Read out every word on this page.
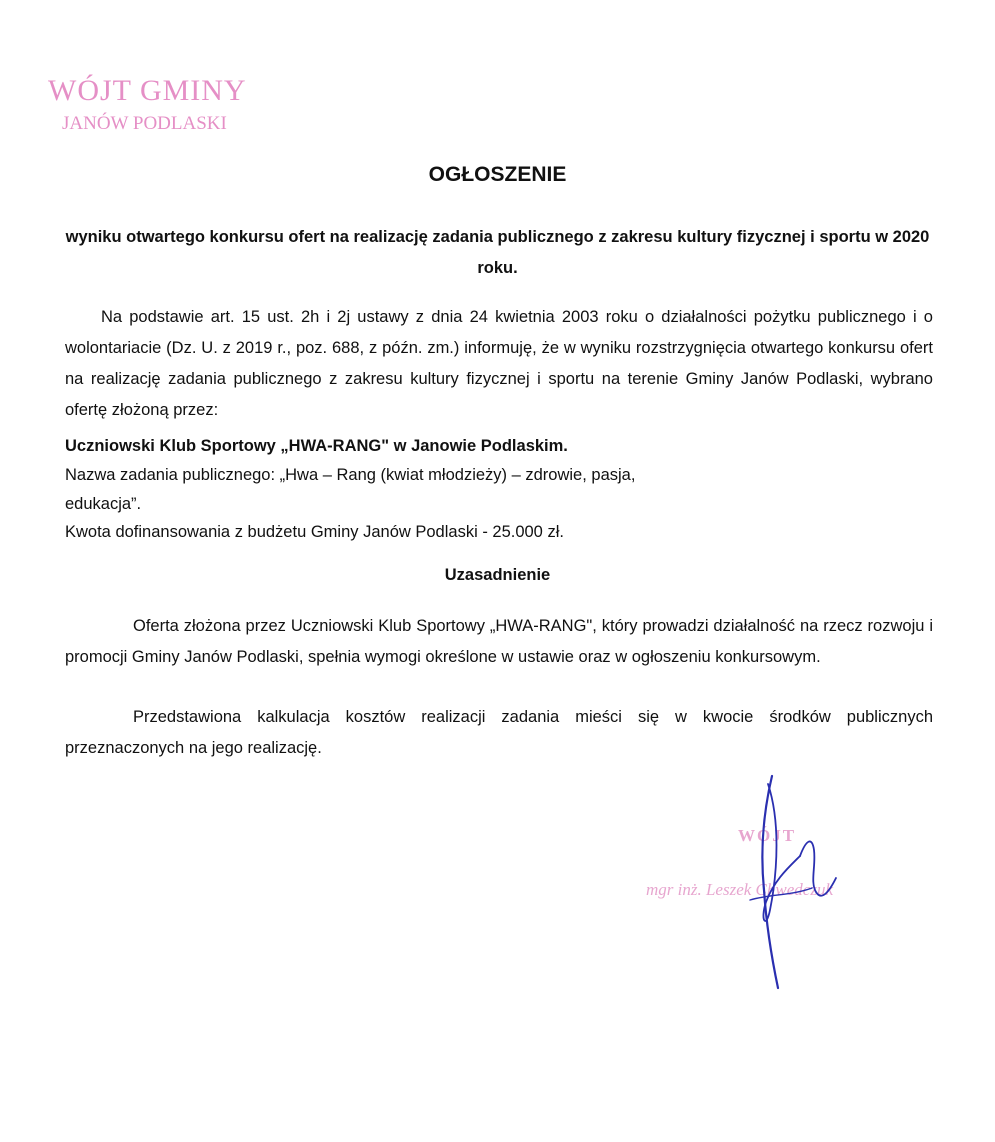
WÓJT GMINY
JANÓW PODLASKI
OGŁOSZENIE
wyniku otwartego konkursu ofert na realizację zadania publicznego z zakresu kultury fizycznej i sportu w 2020 roku.
Na podstawie art. 15 ust. 2h i 2j ustawy z dnia 24 kwietnia 2003 roku o działalności pożytku publicznego i o wolontariacie (Dz. U. z 2019 r., poz. 688, z późn. zm.) informuję, że w wyniku rozstrzygnięcia otwartego konkursu ofert na realizację zadania publicznego z zakresu kultury fizycznej i sportu na terenie Gminy Janów Podlaski, wybrano ofertę złożoną przez:
Uczniowski Klub Sportowy „HWA-RANG" w Janowie Podlaskim.
Nazwa zadania publicznego: „Hwa – Rang (kwiat młodzieży) – zdrowie, pasja,
edukacja”.
Kwota dofinansowania z budżetu Gminy Janów Podlaski - 25.000 zł.
Uzasadnienie
Oferta złożona przez Uczniowski Klub Sportowy „HWA-RANG", który prowadzi działalność na rzecz rozwoju i promocji Gminy Janów Podlaski, spełnia wymogi określone w ustawie oraz w ogłoszeniu konkursowym.
Przedstawiona kalkulacja kosztów realizacji zadania mieści się w kwocie środków publicznych przeznaczonych na jego realizację.
WÓJT
mgr inż. Leszek Chwedczuk
